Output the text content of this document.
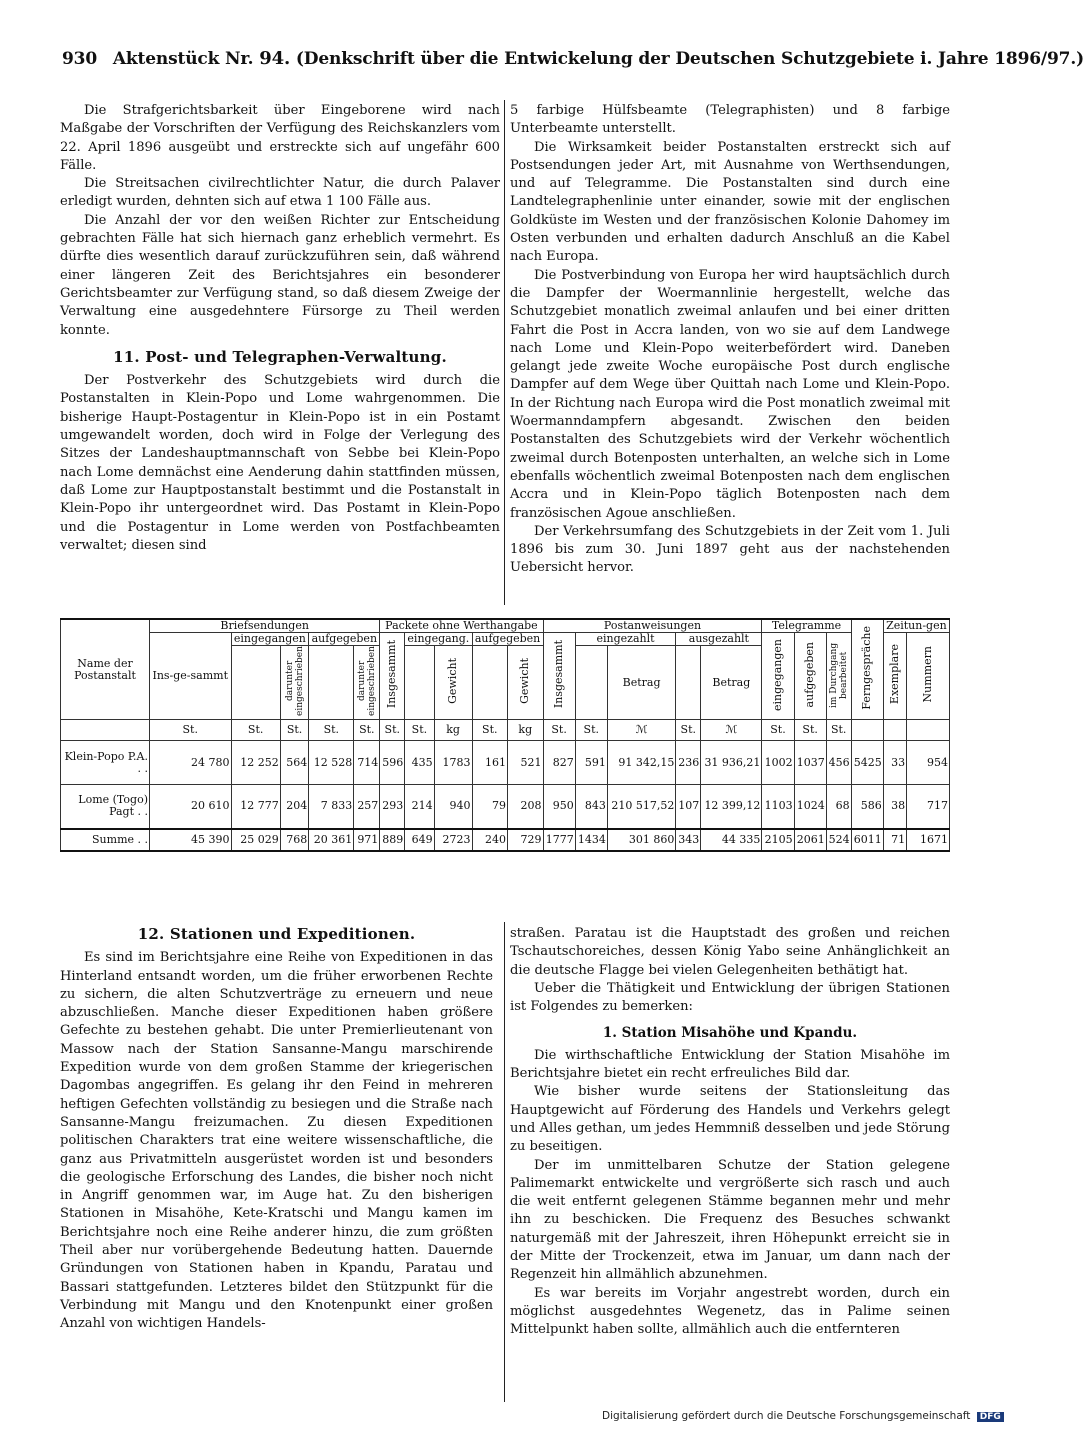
930 Aktenstück Nr. 94. (Denkschrift über die Entwickelung der Deutschen Schutzgebiete i. Jahre 1896/97.)

Die Strafgerichtsbarkeit über Eingeborene wird nach Maßgabe der Vorschriften der Verfügung des Reichskanzlers vom 22. April 1896 ausgeübt und erstreckte sich auf ungefähr 600 Fälle.

Die Streitsachen civilrechtlichter Natur, die durch Palaver erledigt wurden, dehnten sich auf etwa 1 100 Fälle aus.

Die Anzahl der vor den weißen Richter zur Entscheidung gebrachten Fälle hat sich hiernach ganz erheblich vermehrt. Es dürfte dies wesentlich darauf zurückzuführen sein, daß während einer längeren Zeit des Berichtsjahres ein besonderer Gerichtsbeamter zur Verfügung stand, so daß diesem Zweige der Verwaltung eine ausgedehntere Fürsorge zu Theil werden konnte.

11. Post- und Telegraphen-Verwaltung.

Der Postverkehr des Schutzgebiets wird durch die Postanstalten in Klein-Popo und Lome wahrgenommen. Die bisherige Haupt-Postagentur in Klein-Popo ist in ein Postamt umgewandelt worden, doch wird in Folge der Verlegung des Sitzes der Landeshauptmannschaft von Sebbe bei Klein-Popo nach Lome demnächst eine Aenderung dahin stattfinden müssen, daß Lome zur Hauptpostanstalt bestimmt und die Postanstalt in Klein-Popo ihr untergeordnet wird. Das Postamt in Klein-Popo und die Postagentur in Lome werden von Postfachbeamten verwaltet; diesen sind

5 farbige Hülfsbeamte (Telegraphisten) und 8 farbige Unterbeamte unterstellt.

Die Wirksamkeit beider Postanstalten erstreckt sich auf Postsendungen jeder Art, mit Ausnahme von Werthsendungen, und auf Telegramme. Die Postanstalten sind durch eine Landtelegraphenlinie unter einander, sowie mit der englischen Goldküste im Westen und der französischen Kolonie Dahomey im Osten verbunden und erhalten dadurch Anschluß an die Kabel nach Europa.

Die Postverbindung von Europa her wird hauptsächlich durch die Dampfer der Woermannlinie hergestellt, welche das Schutzgebiet monatlich zweimal anlaufen und bei einer dritten Fahrt die Post in Accra landen, von wo sie auf dem Landwege nach Lome und Klein-Popo weiterbefördert wird. Daneben gelangt jede zweite Woche europäische Post durch englische Dampfer auf dem Wege über Quittah nach Lome und Klein-Popo. In der Richtung nach Europa wird die Post monatlich zweimal mit Woermanndampfern abgesandt. Zwischen den beiden Postanstalten des Schutzgebiets wird der Verkehr wöchentlich zweimal durch Botenposten unterhalten, an welche sich in Lome ebenfalls wöchentlich zweimal Botenposten nach dem englischen Accra und in Klein-Popo täglich Botenposten nach dem französischen Agoue anschließen.

Der Verkehrsumfang des Schutzgebiets in der Zeit vom 1. Juli 1896 bis zum 30. Juni 1897 geht aus der nachstehenden Uebersicht hervor.

Name der Postanstalt	Briefsendungen					Packete ohne Werthangabe					Postanweisungen					Telegramme			Ferngespräche	Zeitun-gen	
	Ins-ge-sammt	eingegangen		aufgegeben		Insgesammt	eingegang.		aufgegeben		Insgesammt	eingezahlt		ausgezahlt		eingegangen	aufgegeben	im Durchgang bearbeitet		Exemplare	Nummern
			darunter eingeschrieben		darunter eingeschrieben			Gewicht		Gewicht			Betrag		Betrag						
	St.	St.	St.	St.	St.	St.	St.	kg	St.	kg	St.	St.	ℳ	St.	ℳ	St.	St.	St.			
Klein-Popo P.A. . .	24 780	12 252	564	12 528	714	596	435	1783	161	521	827	591	91 342,15	236	31 936,21	1002	1037	456	5425	33	954
Lome (Togo) Pagt . .	20 610	12 777	204	7 833	257	293	214	940	79	208	950	843	210 517,52	107	12 399,12	1103	1024	68	586	38	717
Summe . .	45 390	25 029	768	20 361	971	889	649	2723	240	729	1777	1434	301 860	343	44 335	2105	2061	524	6011	71	1671
12. Stationen und Expeditionen.

Es sind im Berichtsjahre eine Reihe von Expeditionen in das Hinterland entsandt worden, um die früher erworbenen Rechte zu sichern, die alten Schutzverträge zu erneuern und neue abzuschließen. Manche dieser Expeditionen haben größere Gefechte zu bestehen gehabt. Die unter Premierlieutenant von Massow nach der Station Sansanne-Mangu marschirende Expedition wurde von dem großen Stamme der kriegerischen Dagombas angegriffen. Es gelang ihr den Feind in mehreren heftigen Gefechten vollständig zu besiegen und die Straße nach Sansanne-Mangu freizumachen. Zu diesen Expeditionen politischen Charakters trat eine weitere wissenschaftliche, die ganz aus Privatmitteln ausgerüstet worden ist und besonders die geologische Erforschung des Landes, die bisher noch nicht in Angriff genommen war, im Auge hat. Zu den bisherigen Stationen in Misahöhe, Kete-Kratschi und Mangu kamen im Berichtsjahre noch eine Reihe anderer hinzu, die zum größten Theil aber nur vorübergehende Bedeutung hatten. Dauernde Gründungen von Stationen haben in Kpandu, Paratau und Bassari stattgefunden. Letzteres bildet den Stützpunkt für die Verbindung mit Mangu und den Knotenpunkt einer großen Anzahl von wichtigen Handels-

straßen. Paratau ist die Hauptstadt des großen und reichen Tschautschoreiches, dessen König Yabo seine Anhänglichkeit an die deutsche Flagge bei vielen Gelegenheiten bethätigt hat.

Ueber die Thätigkeit und Entwicklung der übrigen Stationen ist Folgendes zu bemerken:

1. Station Misahöhe und Kpandu.

Die wirthschaftliche Entwicklung der Station Misahöhe im Berichtsjahre bietet ein recht erfreuliches Bild dar.

Wie bisher wurde seitens der Stationsleitung das Hauptgewicht auf Förderung des Handels und Verkehrs gelegt und Alles gethan, um jedes Hemmniß desselben und jede Störung zu beseitigen.

Der im unmittelbaren Schutze der Station gelegene Palimemarkt entwickelte und vergrößerte sich rasch und auch die weit entfernt gelegenen Stämme begannen mehr und mehr ihn zu beschicken. Die Frequenz des Besuches schwankt naturgemäß mit der Jahreszeit, ihren Höhepunkt erreicht sie in der Mitte der Trockenzeit, etwa im Januar, um dann nach der Regenzeit hin allmählich abzunehmen.

Es war bereits im Vorjahr angestrebt worden, durch ein möglichst ausgedehntes Wegenetz, das in Palime seinen Mittelpunkt haben sollte, allmählich auch die entfernteren

Digitalisierung gefördert durch die Deutsche Forschungsgemeinschaft DFG
